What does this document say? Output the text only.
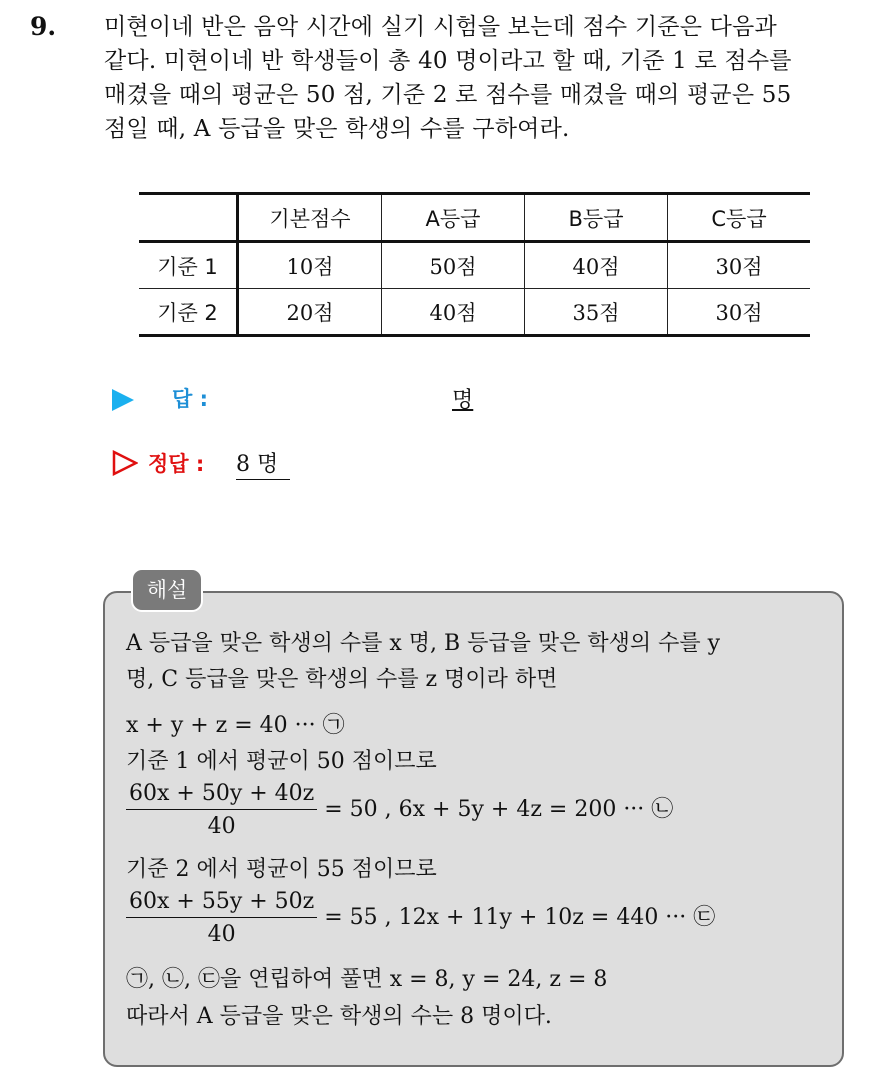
9. 미현이네 반은 음악 시간에 실기 시험을 보는데 점수 기준은 다음과
같다. 미현이네 반 학생들이 총 40 명이라고 할 때, 기준 1 로 점수를
매겼을 때의 평균은 50 점, 기준 2 로 점수를 매겼을 때의 평균은 55
점일 때, A 등급을 맞은 학생의 수를 구하여라.
	기본점수	A등급	B등급	C등급
기준 1	10점	50점	40점	30점
기준 2	20점	40점	35점	30점
답 :	명
정답 : 8 명
해설
A 등급을 맞은 학생의 수를 x 명, B 등급을 맞은 학생의 수를 y
명, C 등급을 맞은 학생의 수를 z 명이라 하면
x + y + z = 40 ··· ㉠
기준 1 에서 평균이 50 점이므로
$\frac{60x + 50y + 40z}{40} = 50$ , 6x + 5y + 4z = 200 ··· ㉡
기준 2 에서 평균이 55 점이므로
$\frac{60x + 55y + 50z}{40} = 55$ , 12x + 11y + 10z = 440 ··· ㉢
㉠, ㉡, ㉢을 연립하여 풀면 x = 8, y = 24, z = 8
따라서 A 등급을 맞은 학생의 수는 8 명이다.
